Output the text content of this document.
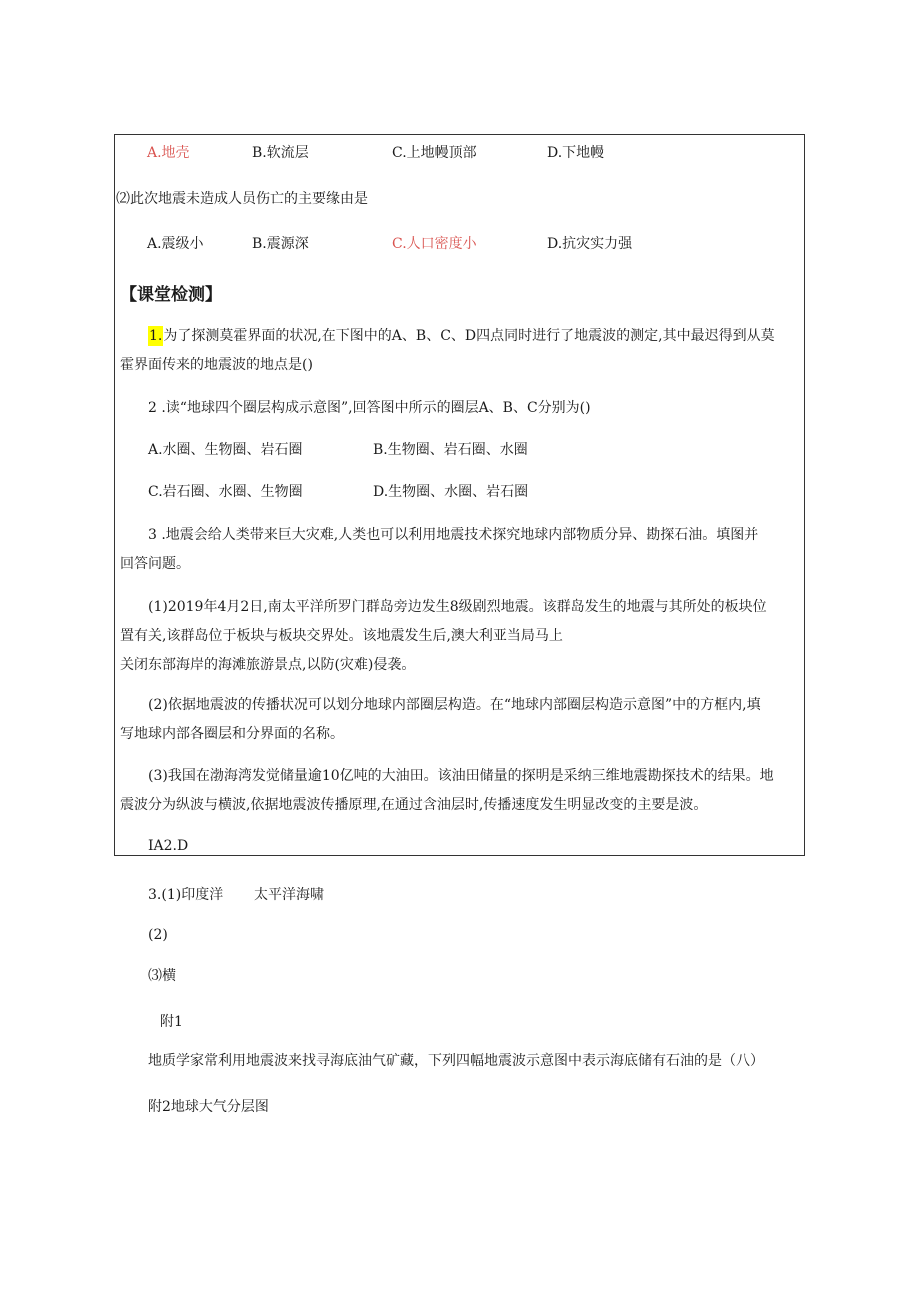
A.地壳	B.软流层	C.上地幔顶部	D.下地幔
⑵此次地震未造成人员伤亡的主要缘由是
A.震级小	B.震源深	C.人口密度小	D.抗灾实力强
【课堂检测】
1.为了探测莫霍界面的状况,在下图中的A、B、C、D四点同时进行了地震波的测定,其中最迟得到从莫
霍界面传来的地震波的地点是()
2 .读“地球四个圈层构成示意图”,回答图中所示的圈层A、B、C分别为()
A.水圈、生物圈、岩石圈	B.生物圈、岩石圈、水圈
C.岩石圈、水圈、生物圈	D.生物圈、水圈、岩石圈
3 .地震会给人类带来巨大灾难,人类也可以利用地震技术探究地球内部物质分异、勘探石油。填图并
回答问题。
(1)2019年4月2日,南太平洋所罗门群岛旁边发生8级剧烈地震。该群岛发生的地震与其所处的板块位
置有关,该群岛位于板块与板块交界处。该地震发生后,澳大利亚当局马上
关闭东部海岸的海滩旅游景点,以防(灾难)侵袭。
(2)依据地震波的传播状况可以划分地球内部圈层构造。在“地球内部圈层构造示意图”中的方框内,填
写地球内部各圈层和分界面的名称。
(3)我国在渤海湾发觉储量逾10亿吨的大油田。该油田储量的探明是采纳三维地震勘探技术的结果。地
震波分为纵波与横波,依据地震波传播原理,在通过含油层时,传播速度发生明显改变的主要是波。
IA2.D
3.(1)印度洋 太平洋海啸
(2)
⑶横
附1
地质学家常利用地震波来找寻海底油气矿藏，下列四幅地震波示意图中表示海底储有石油的是（八）
附2地球大气分层图
